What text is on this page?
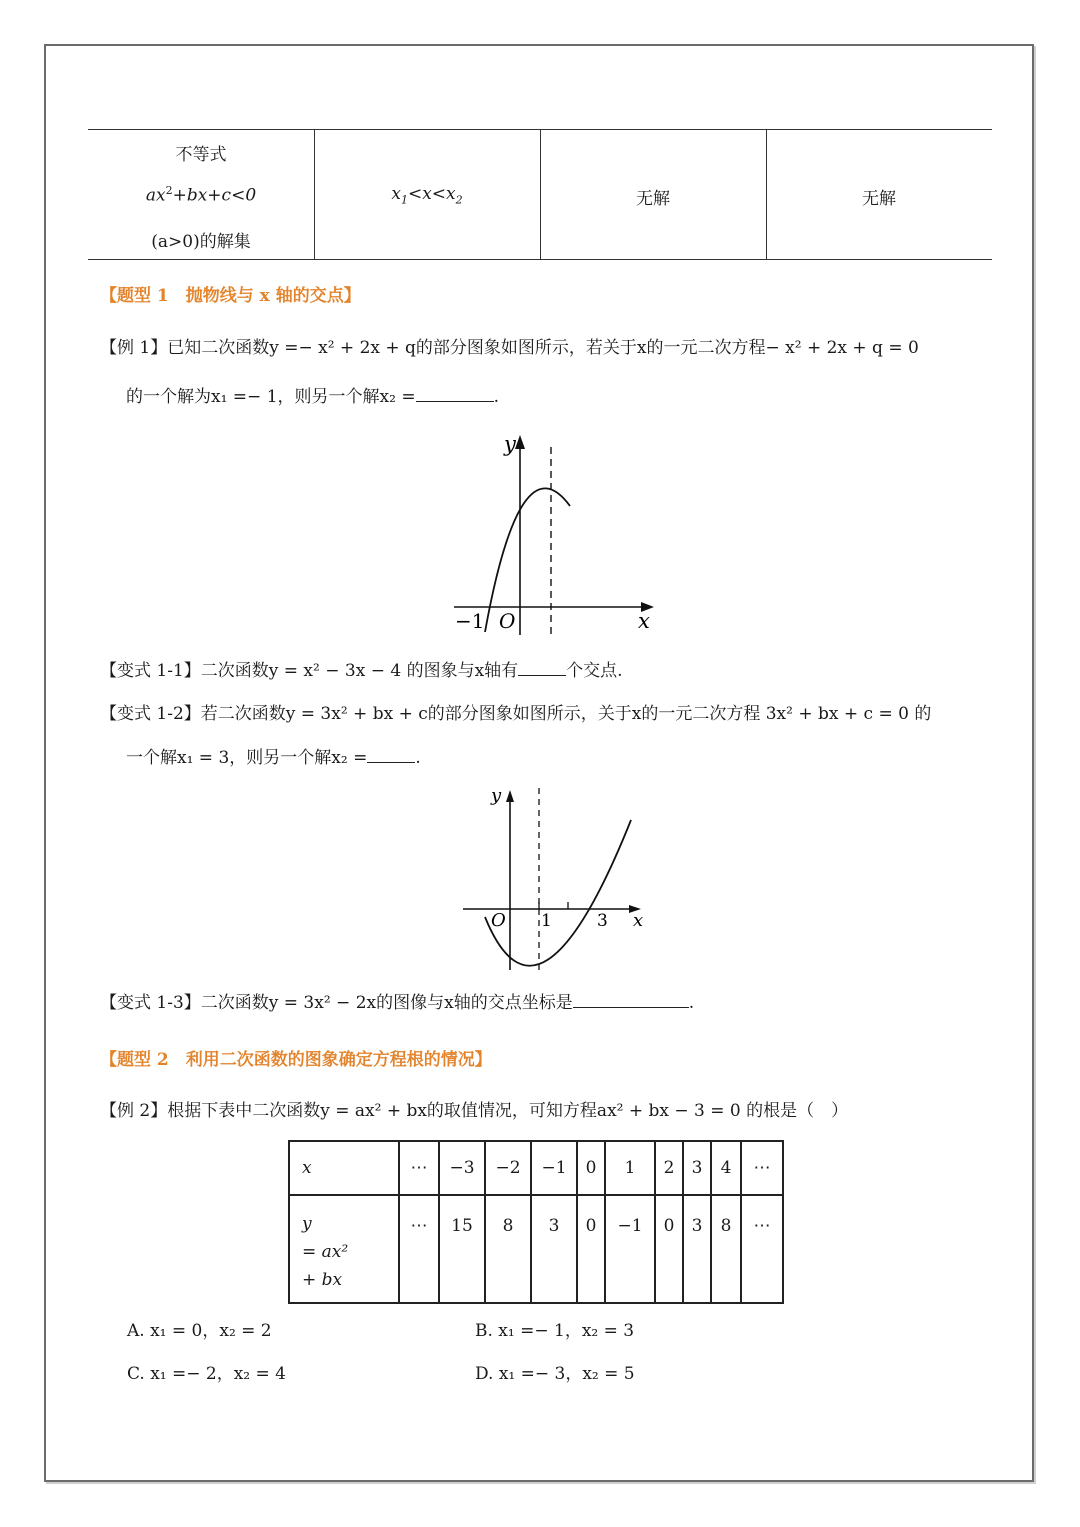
不等式
$ax^2+bx+c<0$
(a>0)的解集
$x_1<x<x_2$	无解	无解
【题型 1　抛物线与 x 轴的交点】
【例 1】已知二次函数y =− x² + 2x + q的部分图象如图所示，若关于x的一元二次方程− x² + 2x + q = 0
的一个解为x₁ =− 1，则另一个解x₂ =	.
y
x
O
−1
【变式 1-1】二次函数y = x² − 3x − 4 的图象与x轴有	个交点.
【变式 1-2】若二次函数y = 3x² + bx + c的部分图象如图所示，关于x的一元二次方程 3x² + bx + c = 0 的
一个解x₁ = 3，则另一个解x₂ =	.
y
x
O 1	3
【变式 1-3】二次函数y = 3x² − 2x的图像与x轴的交点坐标是	.
【题型 2　利用二次函数的图象确定方程根的情况】
【例 2】根据下表中二次函数y = ax² + bx的取值情况，可知方程ax² + bx − 3 = 0 的根是（　）
x	⋯	−3	−2	−1	0	1	2	3	4	⋯

y
= ax²
+ bx	⋯	15	8	3	0	−1	0	3	8	⋯
A. x₁ = 0，x₂ = 2	B. x₁ =− 1，x₂ = 3
C. x₁ =− 2，x₂ = 4	D. x₁ =− 3，x₂ = 5
